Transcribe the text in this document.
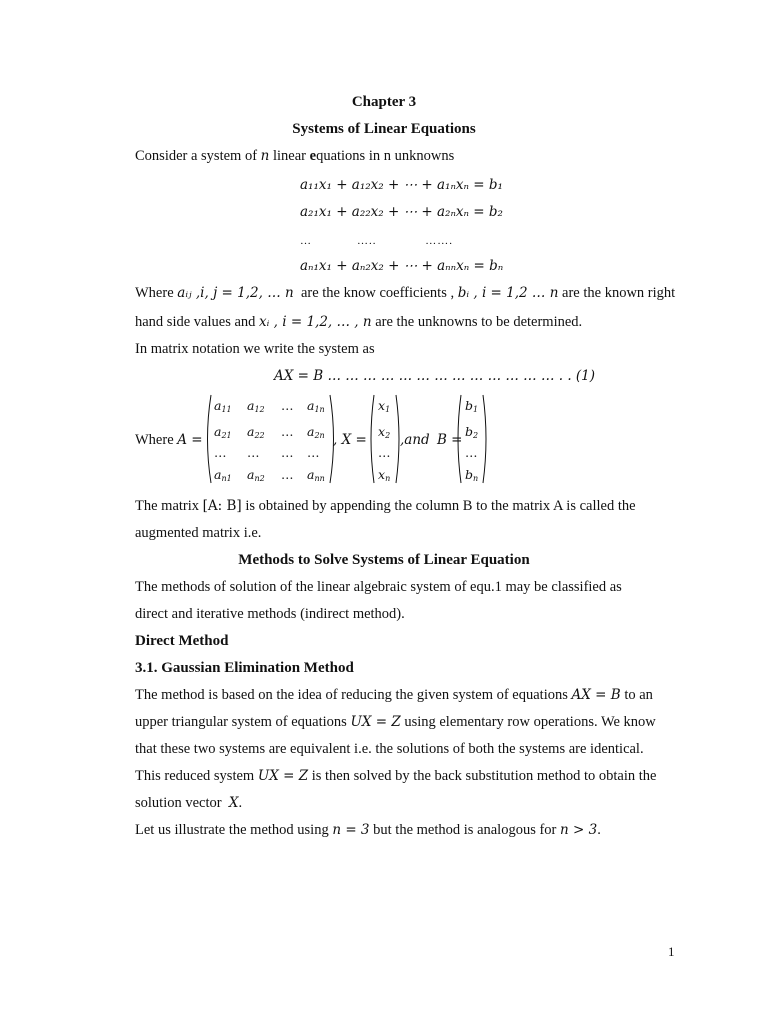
Chapter 3
Systems of Linear Equations
Consider a system of n linear equations in n unknowns
a₁₁x₁ + a₁₂x₂ + ⋯ + a₁ₙxₙ = b₁
a₂₁x₁ + a₂₂x₂ + ⋯ + a₂ₙxₙ = b₂
…            …..             …….
aₙ₁x₁ + aₙ₂x₂ + ⋯ + aₙₙxₙ = bₙ
Where aᵢⱼ ,i, j = 1,2, … n  are the know coefficients , bᵢ , i = 1,2 … n are the known right
hand side values and xᵢ , i = 1,2, … , n are the unknowns to be determined.
In matrix notation we write the system as
AX = B … … … … … … … … … … … … … . . (1)
Where A =	, X = ,and B =
The matrix [A: B] is obtained by appending the column B to the matrix A is called the
augmented matrix i.e.
Methods to Solve Systems of Linear Equation
The methods of solution of the linear algebraic system of equ.1 may be classified as
direct and iterative methods (indirect method).
Direct Method
3.1. Gaussian Elimination Method
The method is based on the idea of reducing the given system of equations AX = B to an
upper triangular system of equations UX = Z using elementary row operations. We know
that these two systems are equivalent i.e. the solutions of both the systems are identical.
This reduced system UX = Z is then solved by the back substitution method to obtain the
solution vector  X.
Let us illustrate the method using n = 3 but the method is analogous for n > 3.
1
a11 a12 … a1n
a21 a22 … a2n
… … … …
an1 an2 … ann
x1
x2
…
xn
b1
b2
…
bn
